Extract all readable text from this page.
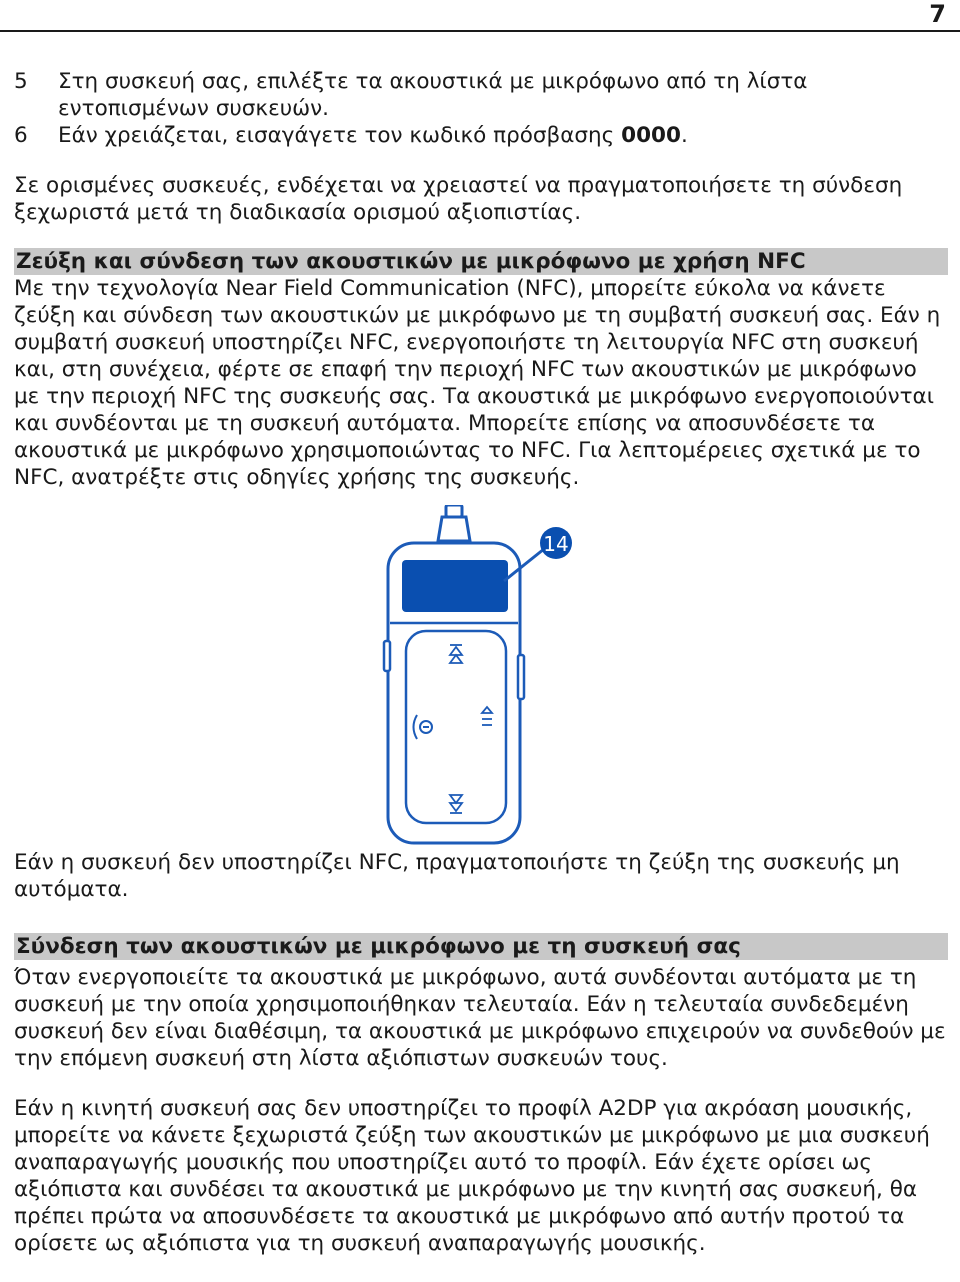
7
5	Στη συσκευή σας, επιλέξτε τα ακουστικά με μικρόφωνο από τη λίστα εντοπισμένων συσκευών.
6	Εάν χρειάζεται, εισαγάγετε τον κωδικό πρόσβασης 0000.

Σε ορισμένες συσκευές, ενδέχεται να χρειαστεί να πραγματοποιήσετε τη σύνδεση ξεχωριστά μετά τη διαδικασία ορισμού αξιοπιστίας.

Ζεύξη και σύνδεση των ακουστικών με μικρόφωνο με χρήση NFC

Με την τεχνολογία Near Field Communication (NFC), μπορείτε εύκολα να κάνετε ζεύξη και σύνδεση των ακουστικών με μικρόφωνο με τη συμβατή συσκευή σας. Εάν η συμβατή συσκευή υποστηρίζει NFC, ενεργοποιήστε τη λειτουργία NFC στη συσκευή και, στη συνέχεια, φέρτε σε επαφή την περιοχή NFC των ακουστικών με μικρόφωνο με την περιοχή NFC της συσκευής σας. Τα ακουστικά με μικρόφωνο ενεργοποιούνται και συνδέονται με τη συσκευή αυτόματα. Μπορείτε επίσης να αποσυνδέσετε τα ακουστικά με μικρόφωνο χρησιμοποιώντας το NFC. Για λεπτομέρειες σχετικά με το NFC, ανατρέξτε στις οδηγίες χρήσης της συσκευής.

14

Εάν η συσκευή δεν υποστηρίζει NFC, πραγματοποιήστε τη ζεύξη της συσκευής μη αυτόματα.

Σύνδεση των ακουστικών με μικρόφωνο με τη συσκευή σας

Όταν ενεργοποιείτε τα ακουστικά με μικρόφωνο, αυτά συνδέονται αυτόματα με τη συσκευή με την οποία χρησιμοποιήθηκαν τελευταία. Εάν η τελευταία συνδεδεμένη συσκευή δεν είναι διαθέσιμη, τα ακουστικά με μικρόφωνο επιχειρούν να συνδεθούν με την επόμενη συσκευή στη λίστα αξιόπιστων συσκευών τους.

Εάν η κινητή συσκευή σας δεν υποστηρίζει το προφίλ A2DP για ακρόαση μουσικής, μπορείτε να κάνετε ξεχωριστά ζεύξη των ακουστικών με μικρόφωνο με μια συσκευή αναπαραγωγής μουσικής που υποστηρίζει αυτό το προφίλ. Εάν έχετε ορίσει ως αξιόπιστα και συνδέσει τα ακουστικά με μικρόφωνο με την κινητή σας συσκευή, θα πρέπει πρώτα να αποσυνδέσετε τα ακουστικά με μικρόφωνο από αυτήν προτού τα ορίσετε ως αξιόπιστα για τη συσκευή αναπαραγωγής μουσικής.
